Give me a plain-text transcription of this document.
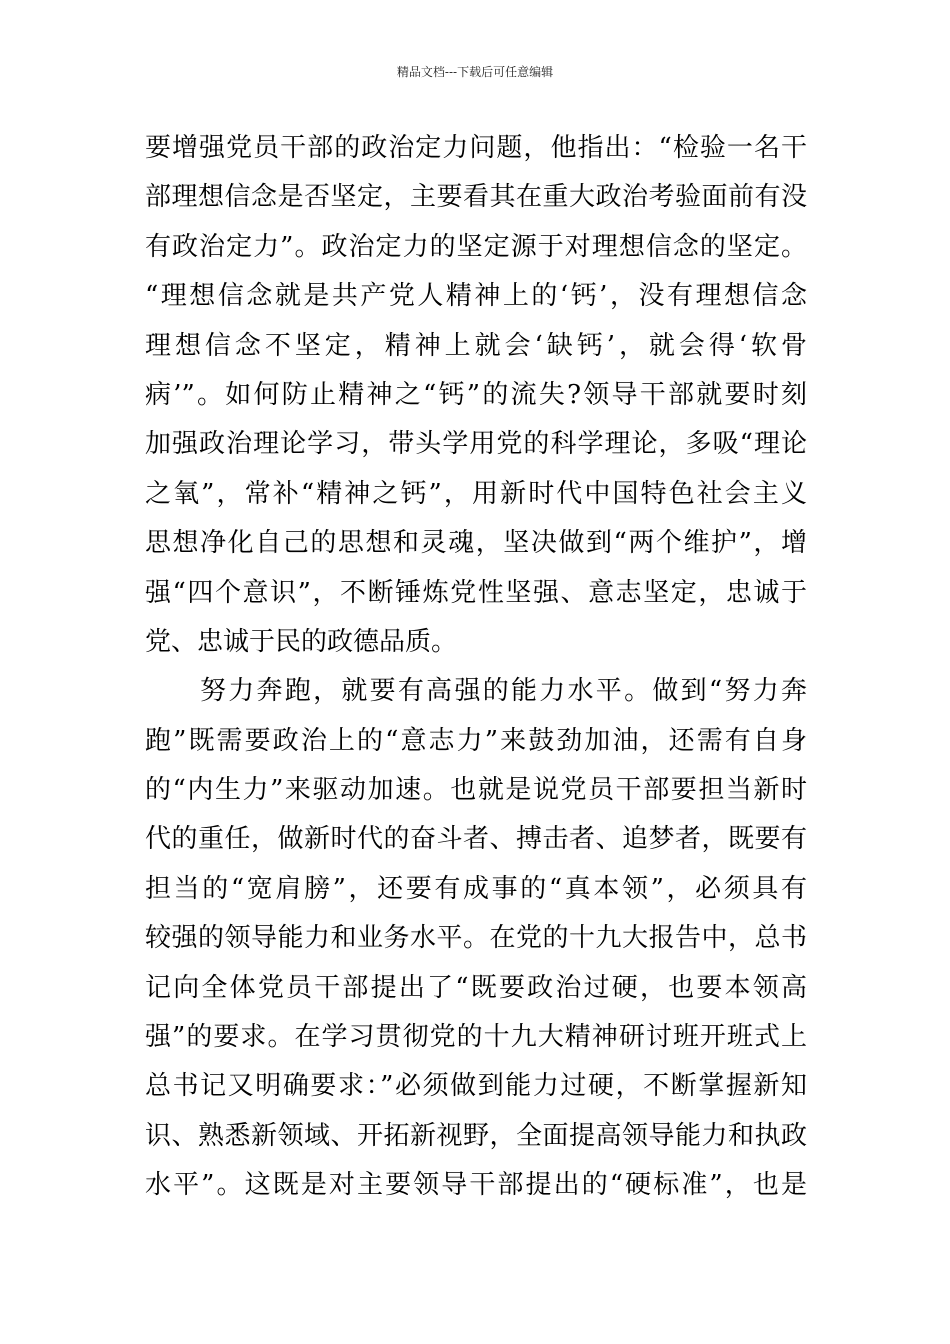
精品文档---下载后可任意编辑
要增强党员干部的政治定力问题，他指出：“检验一名干
部理想信念是否坚定，主要看其在重大政治考验面前有没
有政治定力”。政治定力的坚定源于对理想信念的坚定。
“理想信念就是共产党人精神上的‘钙’，没有理想信念
理想信念不坚定，精神上就会‘缺钙’，就会得‘软骨
病’”。如何防止精神之“钙”的流失?领导干部就要时刻
加强政治理论学习，带头学用党的科学理论，多吸“理论
之氧”，常补“精神之钙”，用新时代中国特色社会主义
思想净化自己的思想和灵魂，坚决做到“两个维护”，增
强“四个意识”，不断锤炼党性坚强、意志坚定，忠诚于
党、忠诚于民的政德品质。
努力奔跑，就要有高强的能力水平。做到“努力奔
跑”既需要政治上的“意志力”来鼓劲加油，还需有自身
的“内生力”来驱动加速。也就是说党员干部要担当新时
代的重任，做新时代的奋斗者、搏击者、追梦者，既要有
担当的“宽肩膀”，还要有成事的“真本领”，必须具有
较强的领导能力和业务水平。在党的十九大报告中，总书
记向全体党员干部提出了“既要政治过硬，也要本领高
强”的要求。在学习贯彻党的十九大精神研讨班开班式上
总书记又明确要求：”必须做到能力过硬，不断掌握新知
识、熟悉新领域、开拓新视野，全面提高领导能力和执政
水平”。这既是对主要领导干部提出的“硬标准”，也是
